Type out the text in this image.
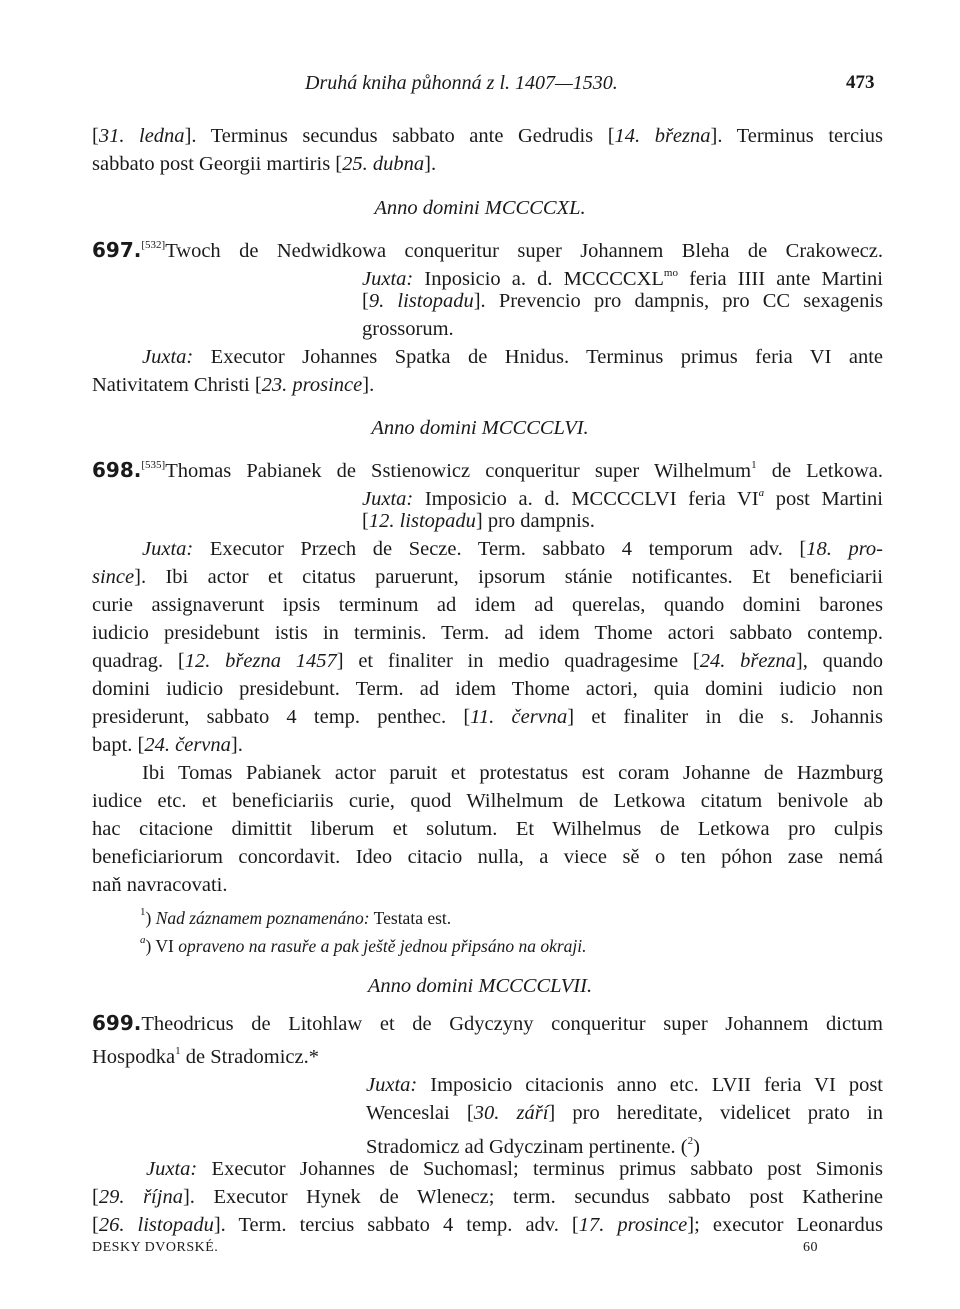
Druhá kniha půhonná z l. 1407—1530.	473
[31. ledna]. Terminus secundus sabbato ante Gedrudis [14. března]. Terminus tercius
sabbato post Georgii martiris [25. dubna].
Anno domini MCCCCXL.
697.[532]Twoch de Nedwidkowa conqueritur super Johannem Bleha de Crakowecz.
Juxta: Inposicio a. d. $MCCCCXL^{mo}$ feria IIII ante Martini
[9. listopadu]. Prevencio pro dampnis, pro CC sexagenis
grossorum.
Juxta: Executor Johannes Spatka de Hnidus. Terminus primus feria VI ante
Nativitatem Christi [23. prosince].
Anno domini MCCCCLVI.
698.[535]Thomas Pabianek de Sstienowicz conqueritur super Wilhelmum$^1$ de Letkowa.
Juxta: Imposicio a. d. MCCCCLVI feria $VI^a$ post Martini
[12. listopadu] pro dampnis.
Juxta: Executor Przech de Secze. Term. sabbato 4 temporum adv. [18. pro-
since]. Ibi actor et citatus paruerunt, ipsorum stánie notificantes. Et beneficiarii
curie assignaverunt ipsis terminum ad idem ad querelas, quando domini barones
iudicio presidebunt istis in terminis. Term. ad idem Thome actori sabbato contemp.
quadrag. [12. března 1457] et finaliter in medio quadragesime [24. března], quando
domini iudicio presidebunt. Term. ad idem Thome actori, quia domini iudicio non
presiderunt, sabbato 4 temp. penthec. [11. června] et finaliter in die s. Johannis
bapt. [24. června].
Ibi Tomas Pabianek actor paruit et protestatus est coram Johanne de Hazmburg
iudice etc. et beneficiariis curie, quod Wilhelmum de Letkowa citatum benivole ab
hac citacione dimittit liberum et solutum. Et Wilhelmus de Letkowa pro culpis
beneficiariorum concordavit. Ideo citacio nulla, a viece sě o ten póhon zase nemá
naň navracovati.
$^1$) Nad záznamem poznamenáno: Testata est.
$^a$) VI opraveno na rasuře a pak ještě jednou připsáno na okraji.
Anno domini MCCCCLVII.
699.Theodricus de Litohlaw et de Gdyczyny conqueritur super Johannem dictum
Hospodka$^1$ de Stradomicz.*
Juxta: Imposicio citacionis anno etc. LVII feria VI post
Wenceslai [30. září] pro hereditate, videlicet prato in
Stradomicz ad Gdyczinam pertinente. ($^2$)
Juxta: Executor Johannes de Suchomasl; terminus primus sabbato post Simonis
[29. října]. Executor Hynek de Wlenecz; term. secundus sabbato post Katherine
[26. listopadu]. Term. tercius sabbato 4 temp. adv. [17. prosince]; executor Leonardus
DESKY DVORSKÉ.	60
